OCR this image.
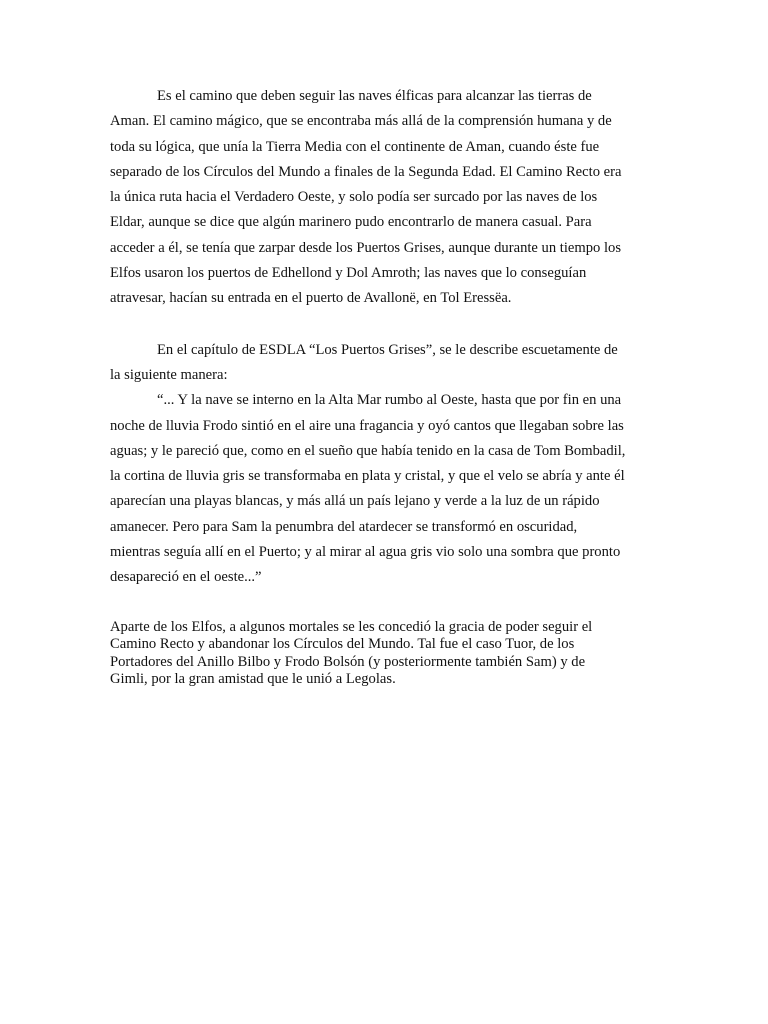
Es el camino que deben seguir las naves élficas para alcanzar las tierras de
Aman. El camino mágico, que se encontraba más allá de la comprensión humana y de
toda su lógica, que unía la Tierra Media con el continente de Aman, cuando éste fue
separado de los Círculos del Mundo a finales de la Segunda Edad. El Camino Recto era
la única ruta hacia el Verdadero Oeste, y solo podía ser surcado por las naves de los
Eldar, aunque se dice que algún marinero pudo encontrarlo de manera casual. Para
acceder a él, se tenía que zarpar desde los Puertos Grises, aunque durante un tiempo los
Elfos usaron los puertos de Edhellond y Dol Amroth; las naves que lo conseguían
atravesar, hacían su entrada en el puerto de Avallonë, en Tol Eressëa.
En el capítulo de ESDLA “Los Puertos Grises”, se le describe escuetamente de
la siguiente manera:
“... Y la nave se interno en la Alta Mar rumbo al Oeste, hasta que por fin en una
noche de lluvia Frodo sintió en el aire una fragancia y oyó cantos que llegaban sobre las
aguas; y le pareció que, como en el sueño que había tenido en la casa de Tom Bombadil,
la cortina de lluvia gris se transformaba en plata y cristal, y que el velo se abría y ante él
aparecían una playas blancas, y más allá un país lejano y verde a la luz de un rápido
amanecer. Pero para Sam la penumbra del atardecer se transformó en oscuridad,
mientras seguía allí en el Puerto; y al mirar al agua gris vio solo una sombra que pronto
desapareció en el oeste...”
Aparte de los Elfos, a algunos mortales se les concedió la gracia de poder seguir el
Camino Recto y abandonar los Círculos del Mundo. Tal fue el caso Tuor, de los
Portadores del Anillo Bilbo y Frodo Bolsón (y posteriormente también Sam) y de
Gimli, por la gran amistad que le unió a Legolas.
